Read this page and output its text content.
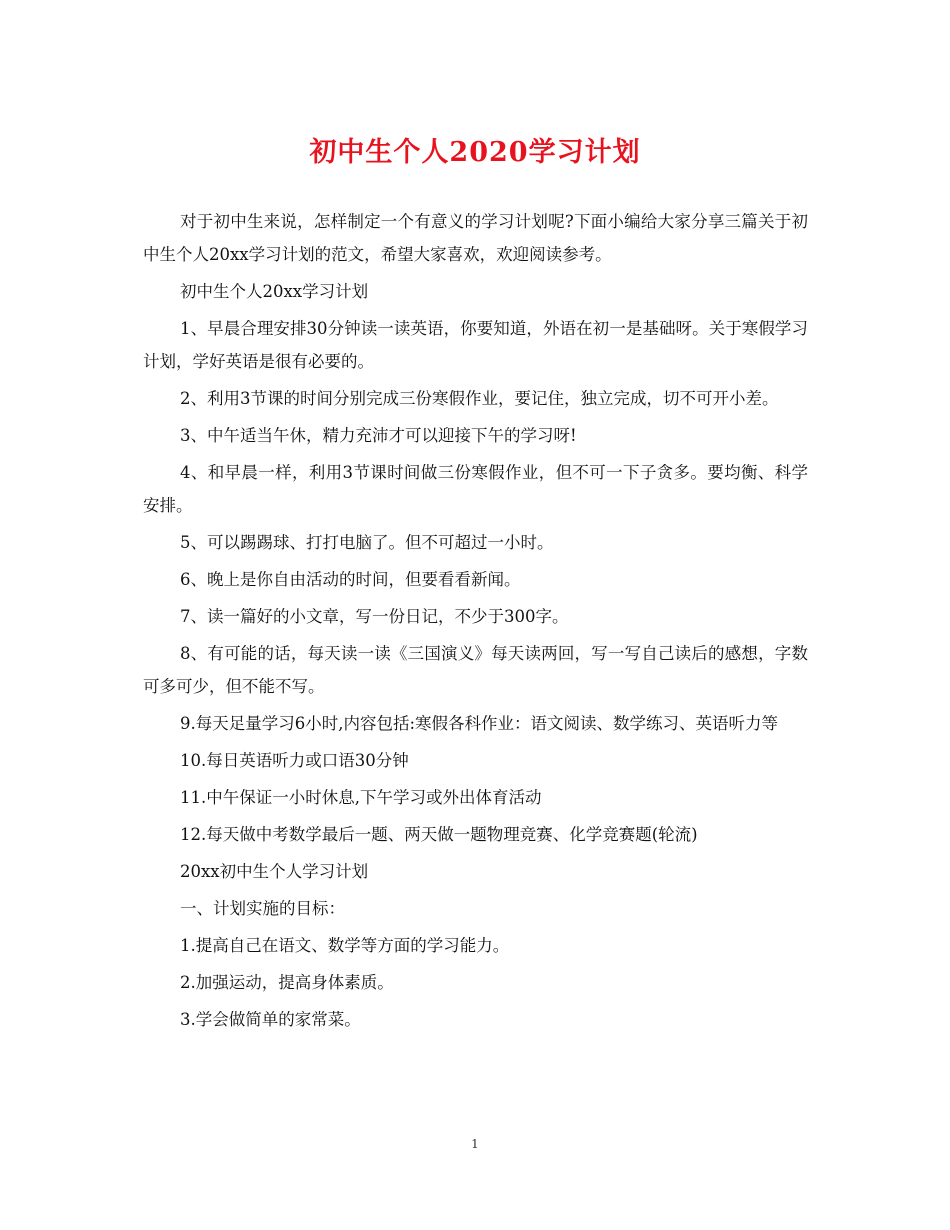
初中生个人2020学习计划

对于初中生来说，怎样制定一个有意义的学习计划呢?下面小编给大家分享三篇关于初中生个人20xx学习计划的范文，希望大家喜欢，欢迎阅读参考。

初中生个人20xx学习计划

1、早晨合理安排30分钟读一读英语，你要知道，外语在初一是基础呀。关于寒假学习计划，学好英语是很有必要的。

2、利用3节课的时间分别完成三份寒假作业，要记住，独立完成，切不可开小差。

3、中午适当午休，精力充沛才可以迎接下午的学习呀!

4、和早晨一样，利用3节课时间做三份寒假作业，但不可一下子贪多。要均衡、科学安排。

5、可以踢踢球、打打电脑了。但不可超过一小时。

6、晚上是你自由活动的时间，但要看看新闻。

7、读一篇好的小文章，写一份日记，不少于300字。

8、有可能的话，每天读一读《三国演义》每天读两回，写一写自己读后的感想，字数可多可少，但不能不写。

9.每天足量学习6小时,内容包括:寒假各科作业：语文阅读、数学练习、英语听力等

10.每日英语听力或口语30分钟

11.中午保证一小时休息,下午学习或外出体育活动

12.每天做中考数学最后一题、两天做一题物理竞赛、化学竞赛题(轮流)

20xx初中生个人学习计划

一、计划实施的目标：

1.提高自己在语文、数学等方面的学习能力。

2.加强运动，提高身体素质。

3.学会做简单的家常菜。

1
